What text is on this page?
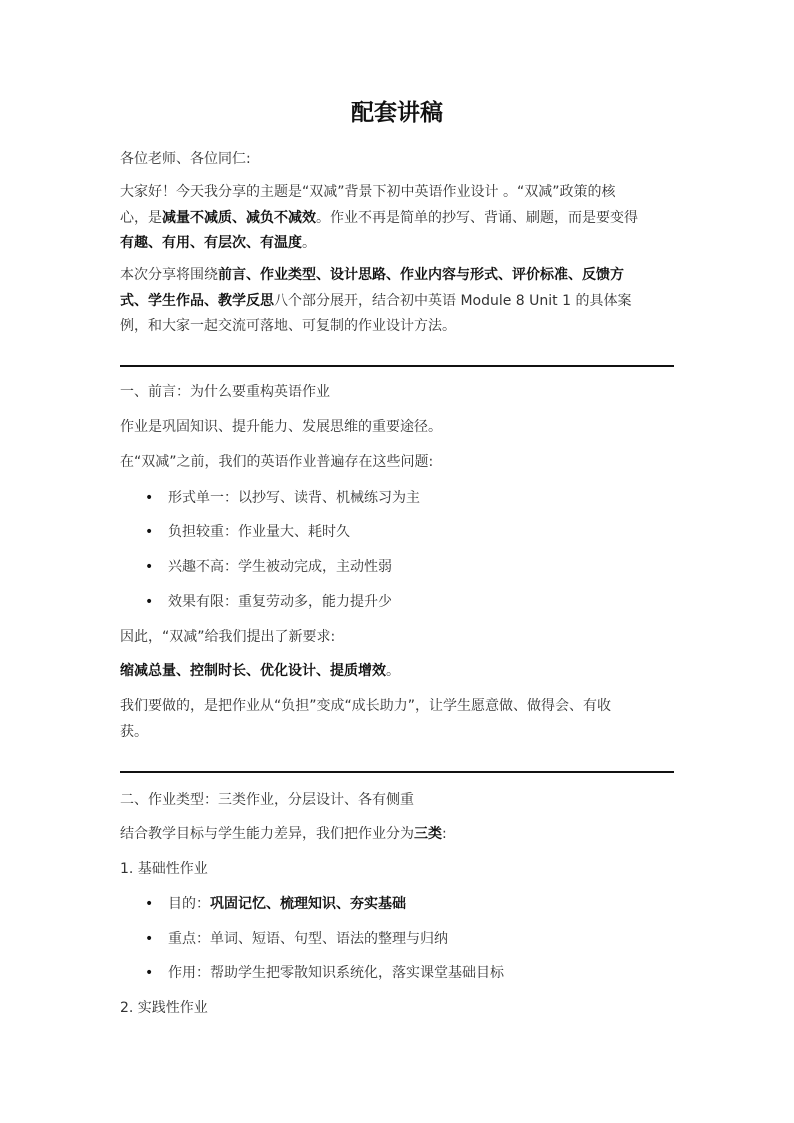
配套讲稿
各位老师、各位同仁:
大家好！今天我分享的主题是“双减”背景下初中英语作业设计 。“双减”政策的核
心，是减量不减质、减负不减效。作业不再是简单的抄写、背诵、刷题，而是要变得
有趣、有用、有层次、有温度。
本次分享将围绕前言、作业类型、设计思路、作业内容与形式、评价标准、反馈方
式、学生作品、教学反思八个部分展开，结合初中英语 Module 8 Unit 1 的具体案
例，和大家一起交流可落地、可复制的作业设计方法。
一、前言：为什么要重构英语作业
作业是巩固知识、提升能力、发展思维的重要途径。
在“双减”之前，我们的英语作业普遍存在这些问题:
• 形式单一：以抄写、读背、机械练习为主
• 负担较重：作业量大、耗时久
• 兴趣不高：学生被动完成，主动性弱
• 效果有限：重复劳动多，能力提升少
因此，“双减”给我们提出了新要求:
缩减总量、控制时长、优化设计、提质增效。
我们要做的，是把作业从“负担”变成“成长助力”，让学生愿意做、做得会、有收
获。
二、作业类型：三类作业，分层设计、各有侧重
结合教学目标与学生能力差异，我们把作业分为三类:
1. 基础性作业
• 目的：巩固记忆、梳理知识、夯实基础
• 重点：单词、短语、句型、语法的整理与归纳
• 作用：帮助学生把零散知识系统化，落实课堂基础目标
2. 实践性作业
